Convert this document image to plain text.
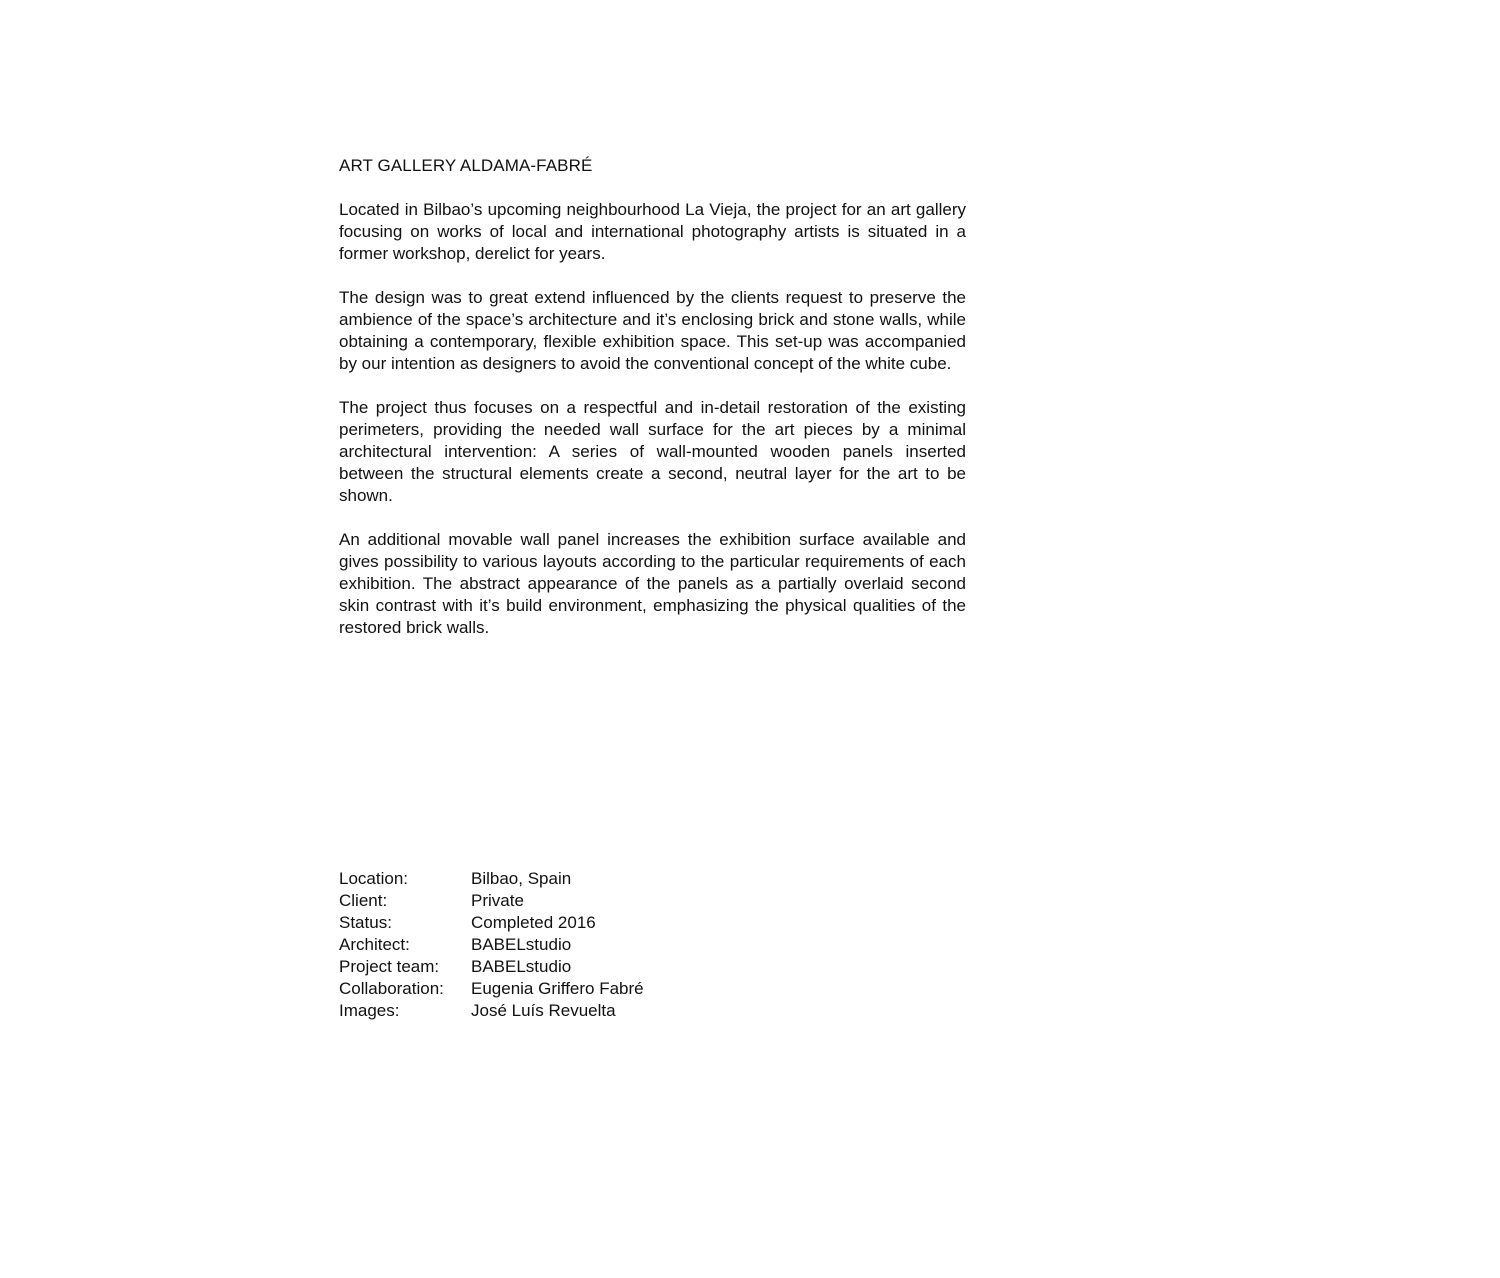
ART GALLERY ALDAMA-FABRÉ

Located in Bilbao’s upcoming neighbourhood La Vieja, the project for an art gallery focusing on works of local and international photography artists is situated in a former workshop, derelict for years.

The design was to great extend influenced by the clients request to preserve the ambience of the space’s architecture and it’s enclosing brick and stone walls, while obtaining a contemporary, flexible exhibition space. This set-up was accompanied by our intention as designers to avoid the conventional concept of the white cube.

The project thus focuses on a respectful and in-detail restoration of the existing perimeters, providing the needed wall surface for the art pieces by a minimal architectural intervention: A series of wall-mounted wooden panels inserted between the structural elements create a second, neutral layer for the art to be shown.

An additional movable wall panel increases the exhibition surface available and gives possibility to various layouts according to the particular requirements of each exhibition. The abstract appearance of the panels as a partially overlaid second skin contrast with it’s build environment, emphasizing the physical qualities of the restored brick walls.

Location:	Bilbao, Spain
Client:	Private
Status:	Completed 2016
Architect:	BABELstudio
Project team:	BABELstudio
Collaboration:	Eugenia Griffero Fabré
Images:	José Luís Revuelta
